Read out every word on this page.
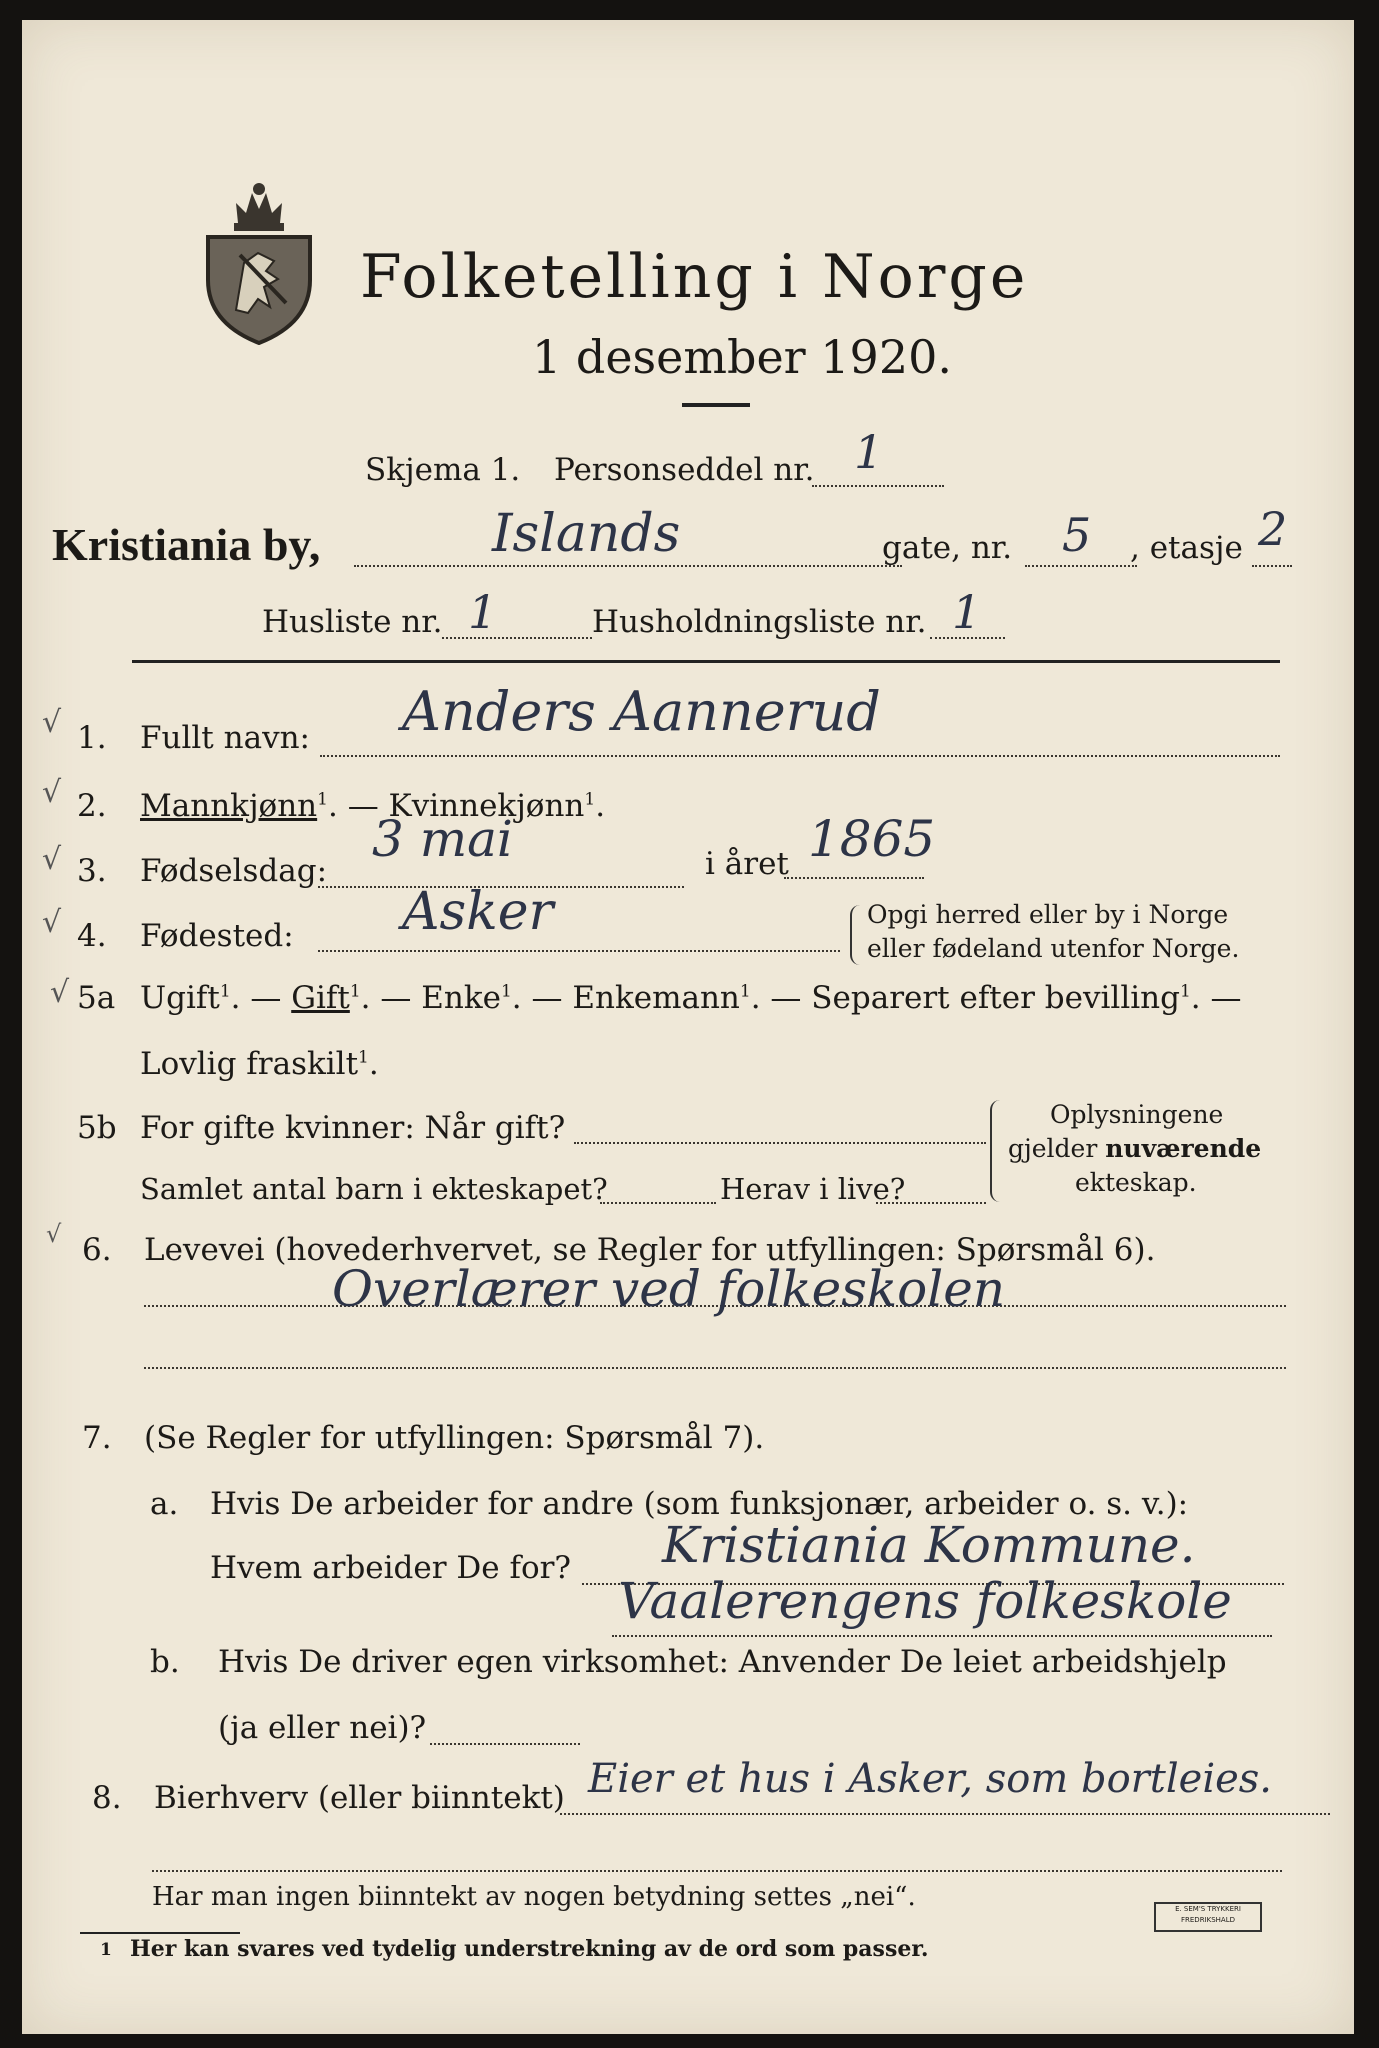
Folketelling i Norge
1 desember 1920.
Skjema 1. Personseddel nr. 1
Kristiania by,	Islands	gate, nr. 5 , etasje 2
Husliste nr. 1	Husholdningsliste nr. 1
√
√
√
√
√
√
1. Fullt navn: Anders Aannerud
2. Mannkjønn$^1$. — Kvinnekjønn$^1$.
3. Fødselsdag:
3 mai	i året 1865
4. Fødested: Asker	Opgi herred eller by i Norge
eller fødeland utenfor Norge.
5a Ugift$^1$. — Gift$^1$. — Enke$^1$. — Enkemann$^1$. — Separert efter bevilling$^1$. —
Lovlig fraskilt$^1$.
5b For gifte kvinner: Når gift?
Samlet antal barn i ekteskapet?	Herav i live?
Oplysningene
gjelder nuværende
ekteskap.
6. Levevei (hovederhvervet, se Regler for utfyllingen: Spørsmål 6).
Overlærer ved folkeskolen
7. (Se Regler for utfyllingen: Spørsmål 7).
a. Hvis De arbeider for andre (som funksjonær, arbeider o. s. v.):
Hvem arbeider De for? Kristiania Kommune.
Vaalerengens folkeskole
b. Hvis De driver egen virksomhet: Anvender De leiet arbeidshjelp
(ja eller nei)?
8. Bierhverv (eller biinntekt) Eier et hus i Asker, som bortleies.
Har man ingen biinntekt av nogen betydning settes „nei“.
1 Her kan svares ved tydelig understrekning av de ord som passer.
E. SEM'S TRYKKERI
FREDRIKSHALD
